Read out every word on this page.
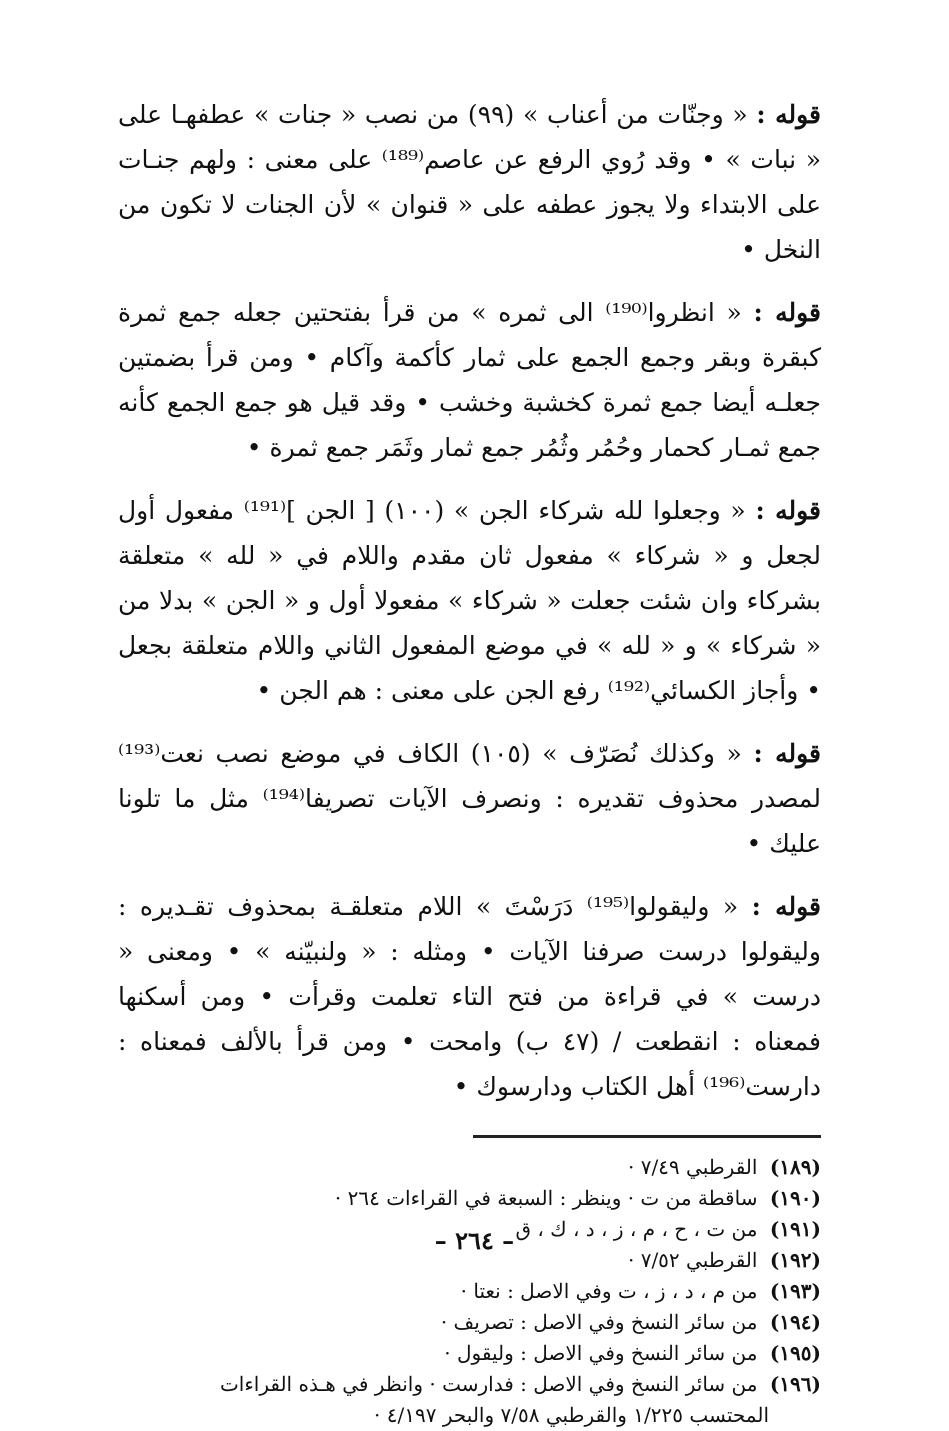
قوله : « وجنّات من أعناب » (٩٩) من نصب « جنات » عطفهـا على « نبات » • وقد رُوي الرفع عن عاصم⁽¹⁸⁹⁾ على معنى : ولهم جنـات على الابتداء ولا يجوز عطفه على « قنوان » لأن الجنات لا تكون من النخل •

قوله : « انظروا⁽¹⁹⁰⁾ الى ثمره » من قرأ بفتحتين جعله جمع ثمرة كبقرة وبقر وجمع الجمع على ثمار كأكمة وآكام • ومن قرأ بضمتين جعلـه أيضا جمع ثمرة كخشبة وخشب • وقد قيل هو جمع الجمع كأنه جمع ثمـار كحمار وحُمُر وثُمُر جمع ثمار وثَمَر جمع ثمرة •

قوله : « وجعلوا لله شركاء الجن » (١٠٠) [ الجن ]⁽¹⁹¹⁾ مفعول أول لجعل و « شركاء » مفعول ثان مقدم واللام في « لله » متعلقة بشركاء وان شئت جعلت « شركاء » مفعولا أول و « الجن » بدلا من « شركاء » و « لله » في موضع المفعول الثاني واللام متعلقة بجعل • وأجاز الكسائي⁽¹⁹²⁾ رفع الجن على معنى : هم الجن •

قوله : « وكذلك نُصَرّف » (١٠٥) الكاف في موضع نصب نعت⁽¹⁹³⁾ لمصدر محذوف تقديره : ونصرف الآيات تصريفا⁽¹⁹⁴⁾ مثل ما تلونا عليك •

قوله : « وليقولوا⁽¹⁹⁵⁾ دَرَسْتَ » اللام متعلقـة بمحذوف تقـديره : وليقولوا درست صرفنا الآيات • ومثله : « ولنبيّنه » • ومعنى « درست » في قراءة من فتح التاء تعلمت وقرأت • ومن أسكنها فمعناه : انقطعت / (٤٧ ب) وامحت • ومن قرأ بالألف فمعناه : دارست⁽¹⁹⁶⁾ أهل الكتاب ودارسوك •

(١٨٩) القرطبي ٧/٤٩ ·
(١٩٠) ساقطة من ت · وينظر : السبعة في القراءات ٢٦٤ ·
(١٩١) من ت ، ح ، م ، ز ، د ، ك ، ق
(١٩٢) القرطبي ٧/٥٢ ·
(١٩٣) من م ، د ، ز ، ت وفي الاصل : نعتا ·
(١٩٤) من سائر النسخ وفي الاصل : تصريف ·
(١٩٥) من سائر النسخ وفي الاصل : وليقول ·
(١٩٦) من سائر النسخ وفي الاصل : فدارست · وانظر في هـذه القراءات
المحتسب ١/٢٢٥ والقرطبي ٧/٥٨ والبحر ٤/١٩٧ ·
– ٢٦٤ –
